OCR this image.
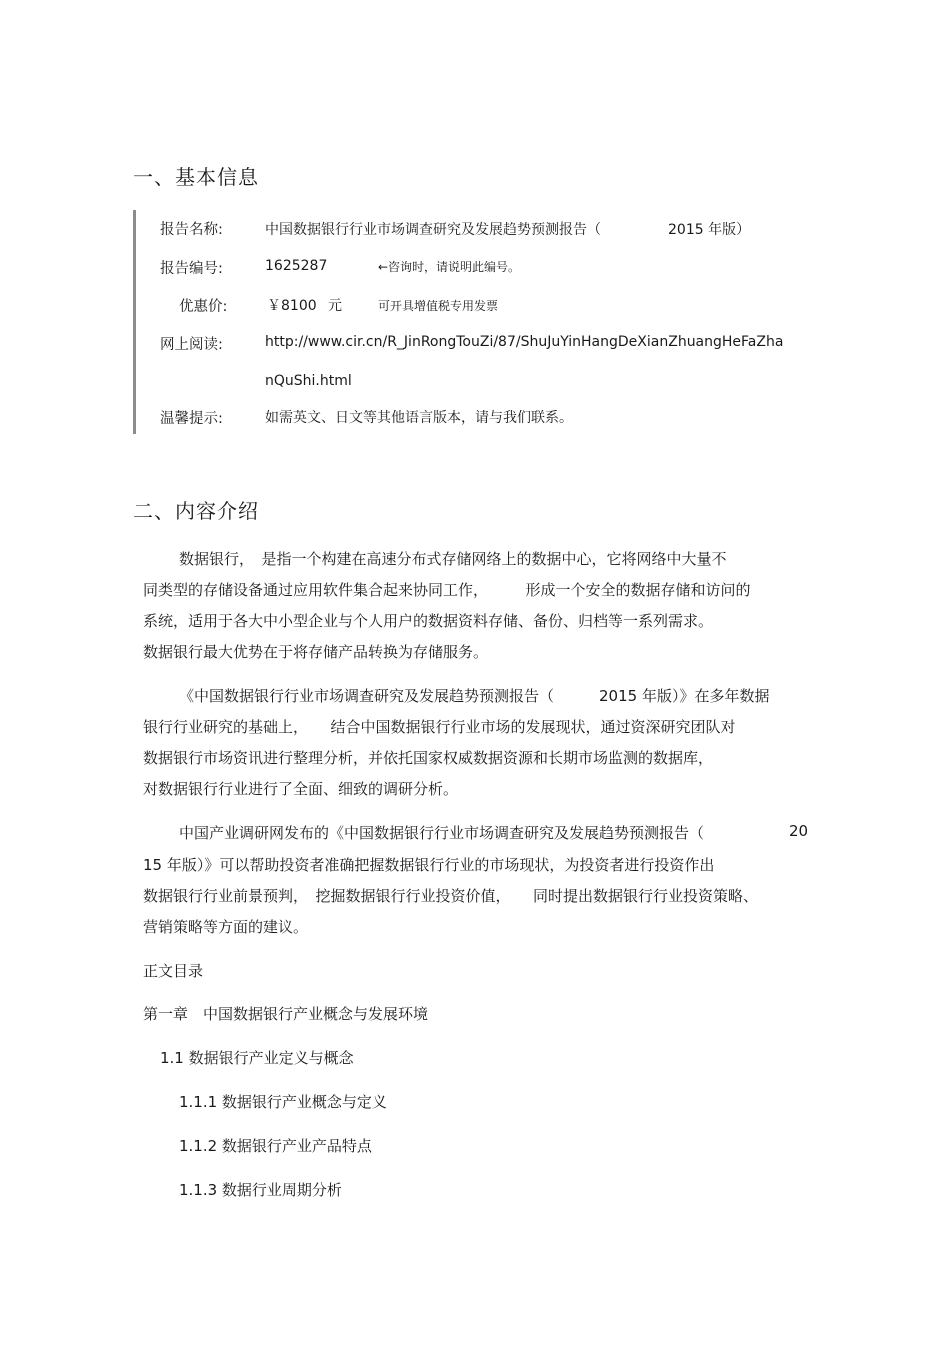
一、基本信息
报告名称:	中国数据银行行业市场调查研究及发展趋势预测报告（	2015 年版）
报告编号:	1625287	←咨询时，请说明此编号。
优惠价:	￥8100 元	可开具增值税专用发票
网上阅读:	http://www.cir.cn/R_JinRongTouZi/87/ShuJuYinHangDeXianZhuangHeFaZha
nQuShi.html
温馨提示:	如需英文、日文等其他语言版本，请与我们联系。
二、内容介绍
数据银行，　是指一个构建在高速分布式存储网络上的数据中心，它将网络中大量不
同类型的存储设备通过应用软件集合起来协同工作，　　　形成一个安全的数据存储和访问的
系统，适用于各大中小型企业与个人用户的数据资料存储、备份、归档等一系列需求。
数据银行最大优势在于将存储产品转换为存储服务。
《中国数据银行行业市场调查研究及发展趋势预测报告（　　　2015 年版）》在多年数据
银行行业研究的基础上，　　结合中国数据银行行业市场的发展现状，通过资深研究团队对
数据银行市场资讯进行整理分析，并依托国家权威数据资源和长期市场监测的数据库，
对数据银行行业进行了全面、细致的调研分析。
中国产业调研网发布的《中国数据银行行业市场调查研究及发展趋势预测报告（	20
15 年版）》可以帮助投资者准确把握数据银行行业的市场现状，为投资者进行投资作出
数据银行行业前景预判，　挖掘数据银行行业投资价值，　　同时提出数据银行行业投资策略、
营销策略等方面的建议。
正文目录
第一章　中国数据银行产业概念与发展环境
1.1 数据银行产业定义与概念
1.1.1 数据银行产业概念与定义
1.1.2 数据银行产业产品特点
1.1.3 数据行业周期分析
